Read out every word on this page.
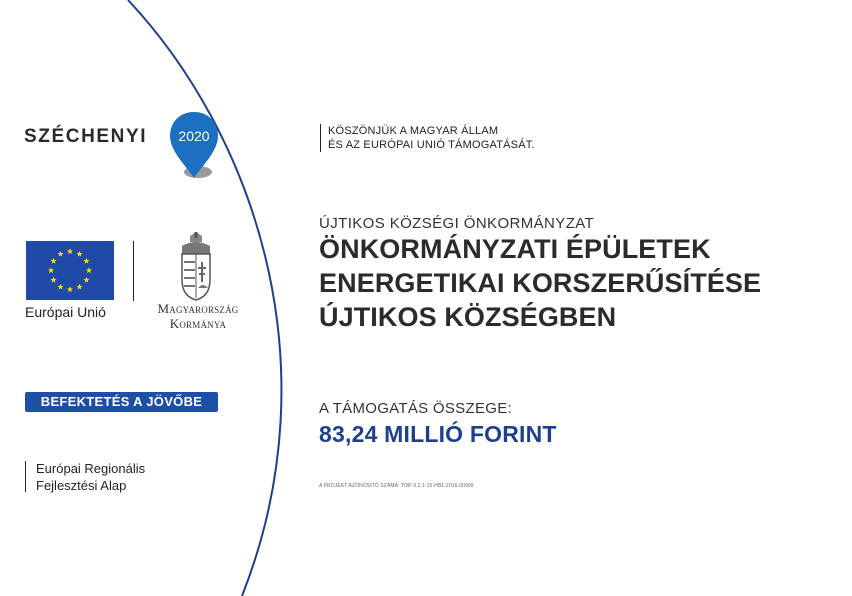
SZÉCHENYI 2020
Európai Unió	Magyarország
Kormánya
BEFEKTETÉS A JÖVŐBE
Európai Regionális
Fejlesztési Alap
KÖSZÖNJÜK A MAGYAR ÁLLAM
ÉS AZ EURÓPAI UNIÓ TÁMOGATÁSÁT.
ÚJTIKOS KÖZSÉGI ÖNKORMÁNYZAT
ÖNKORMÁNYZATI ÉPÜLETEK
ENERGETIKAI KORSZERŰSÍTÉSE
ÚJTIKOS KÖZSÉGBEN
A TÁMOGATÁS ÖSSZEGE:
83,24 MILLIÓ FORINT
A PROJEKT AZONOSÍTÓ SZÁMA: TOP-3.2.1-15-HB1-2016-00009
